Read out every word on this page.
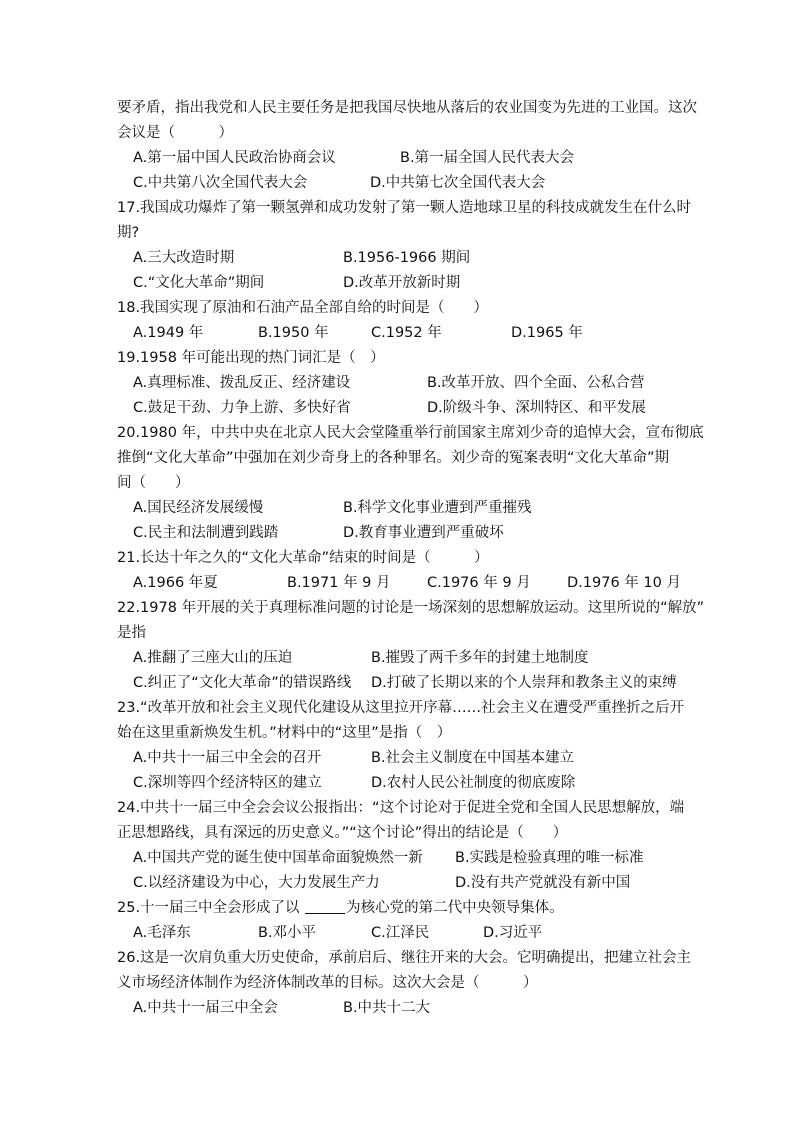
要矛盾，指出我党和人民主要任务是把我国尽快地从落后的农业国变为先进的工业国。这次
会议是（　　　）
A.第一届中国人民政治协商会议	B.第一届全国人民代表大会
C.中共第八次全国代表大会	D.中共第七次全国代表大会
17.我国成功爆炸了第一颗氢弹和成功发射了第一颗人造地球卫星的科技成就发生在什么时
期?
A.三大改造时期	B.1956-1966 期间
C.“文化大革命”期间	D.改革开放新时期
18.我国实现了原油和石油产品全部自给的时间是（　　）
A.1949 年	B.1950 年	C.1952 年	D.1965 年
19.1958 年可能出现的热门词汇是（　）
A.真理标准、拨乱反正、经济建设	B.改革开放、四个全面、公私合营
C.鼓足干劲、力争上游、多快好省	D.阶级斗争、深圳特区、和平发展
20.1980 年，中共中央在北京人民大会堂隆重举行前国家主席刘少奇的追悼大会，宣布彻底
推倒“文化大革命”中强加在刘少奇身上的各种罪名。刘少奇的冤案表明“文化大革命”期
间（　　）
A.国民经济发展缓慢	B.科学文化事业遭到严重摧残
C.民主和法制遭到践踏	D.教育事业遭到严重破坏
21.长达十年之久的“文化大革命”结束的时间是（　　　）
A.1966 年夏	B.1971 年 9 月	C.1976 年 9 月	D.1976 年 10 月
22.1978 年开展的关于真理标准问题的讨论是一场深刻的思想解放运动。这里所说的“解放”
是指
A.推翻了三座大山的压迫	B.摧毁了两千多年的封建土地制度
C.纠正了“文化大革命”的错误路线 D.打破了长期以来的个人崇拜和教条主义的束缚
23.“改革开放和社会主义现代化建设从这里拉开序幕……社会主义在遭受严重挫折之后开
始在这里重新焕发生机。”材料中的“这里”是指（　）
A.中共十一届三中全会的召开	B.社会主义制度在中国基本建立
C.深圳等四个经济特区的建立	D.农村人民公社制度的彻底废除
24.中共十一届三中全会会议公报指出：“这个讨论对于促进全党和全国人民思想解放，端
正思想路线，具有深远的历史意义。”“这个讨论”得出的结论是（　　）
A.中国共产党的诞生使中国革命面貌焕然一新 B.实践是检验真理的唯一标准
C.以经济建设为中心，大力发展生产力	D.没有共产党就没有新中国
25.十一届三中全会形成了以	为核心党的第二代中央领导集体。
A.毛泽东	B.邓小平	C.江泽民	D.习近平
26.这是一次肩负重大历史使命，承前启后、继往开来的大会。它明确提出，把建立社会主
义市场经济体制作为经济体制改革的目标。这次大会是（　　　）
A.中共十一届三中全会	B.中共十二大
